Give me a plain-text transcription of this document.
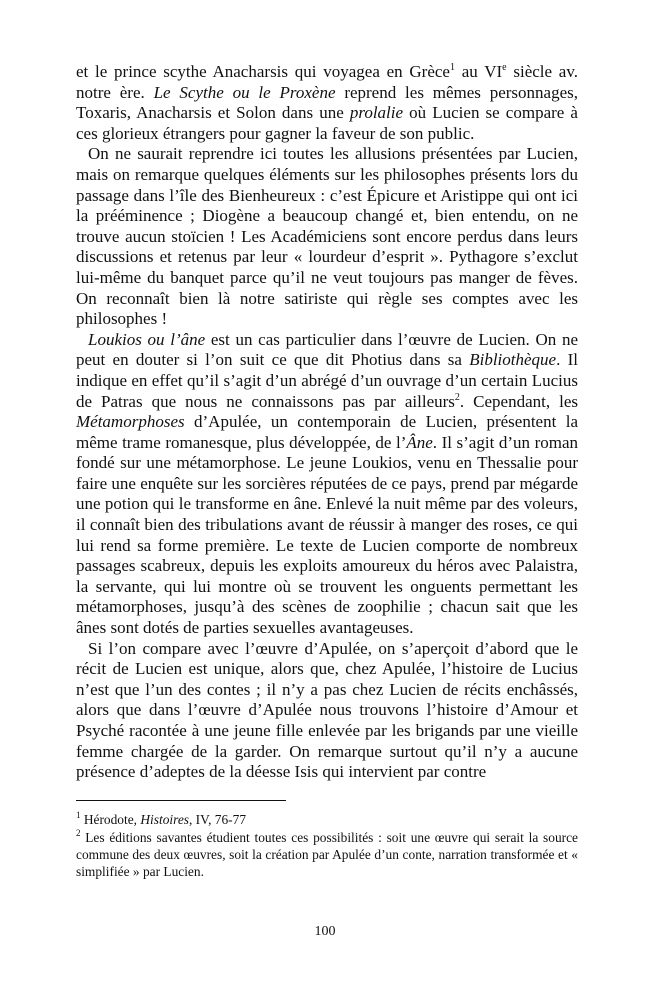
et le prince scythe Anacharsis qui voyagea en Grèce$^1$ au VIe siècle av. notre ère. Le Scythe ou le Proxène reprend les mêmes personnages, Toxaris, Anacharsis et Solon dans une prolalie où Lucien se compare à ces glorieux étrangers pour gagner la faveur de son public.

On ne saurait reprendre ici toutes les allusions présentées par Lucien, mais on remarque quelques éléments sur les philosophes présents lors du passage dans l’île des Bienheureux : c’est Épicure et Aristippe qui ont ici la prééminence ; Diogène a beaucoup changé et, bien entendu, on ne trouve aucun stoïcien ! Les Académiciens sont encore perdus dans leurs discussions et retenus par leur « lourdeur d’esprit ». Pythagore s’exclut lui-même du banquet parce qu’il ne veut toujours pas manger de fèves. On reconnaît bien là notre satiriste qui règle ses comptes avec les philosophes !

Loukios ou l’âne est un cas particulier dans l’œuvre de Lucien. On ne peut en douter si l’on suit ce que dit Photius dans sa Bibliothèque. Il indique en effet qu’il s’agit d’un abrégé d’un ouvrage d’un certain Lucius de Patras que nous ne connaissons pas par ailleurs$^2$. Cependant, les Métamorphoses d’Apulée, un contemporain de Lucien, présentent la même trame romanesque, plus développée, de l’Âne. Il s’agit d’un roman fondé sur une métamorphose. Le jeune Loukios, venu en Thessalie pour faire une enquête sur les sorcières réputées de ce pays, prend par mégarde une potion qui le transforme en âne. Enlevé la nuit même par des voleurs, il connaît bien des tribulations avant de réussir à manger des roses, ce qui lui rend sa forme première. Le texte de Lucien comporte de nombreux passages scabreux, depuis les exploits amoureux du héros avec Palaistra, la servante, qui lui montre où se trouvent les onguents permettant les métamorphoses, jusqu’à des scènes de zoophilie ; chacun sait que les ânes sont dotés de parties sexuelles avantageuses.

Si l’on compare avec l’œuvre d’Apulée, on s’aperçoit d’abord que le récit de Lucien est unique, alors que, chez Apulée, l’histoire de Lucius n’est que l’un des contes ; il n’y a pas chez Lucien de récits enchâssés, alors que dans l’œuvre d’Apulée nous trouvons l’histoire d’Amour et Psyché racontée à une jeune fille enlevée par les brigands par une vieille femme chargée de la garder. On remarque surtout qu’il n’y a aucune présence d’adeptes de la déesse Isis qui intervient par contre

$^1$ Hérodote, Histoires, IV, 76-77

$^2$ Les éditions savantes étudient toutes ces possibilités : soit une œuvre qui serait la source commune des deux œuvres, soit la création par Apulée d’un conte, narration transformée et « simplifiée » par Lucien.

100
